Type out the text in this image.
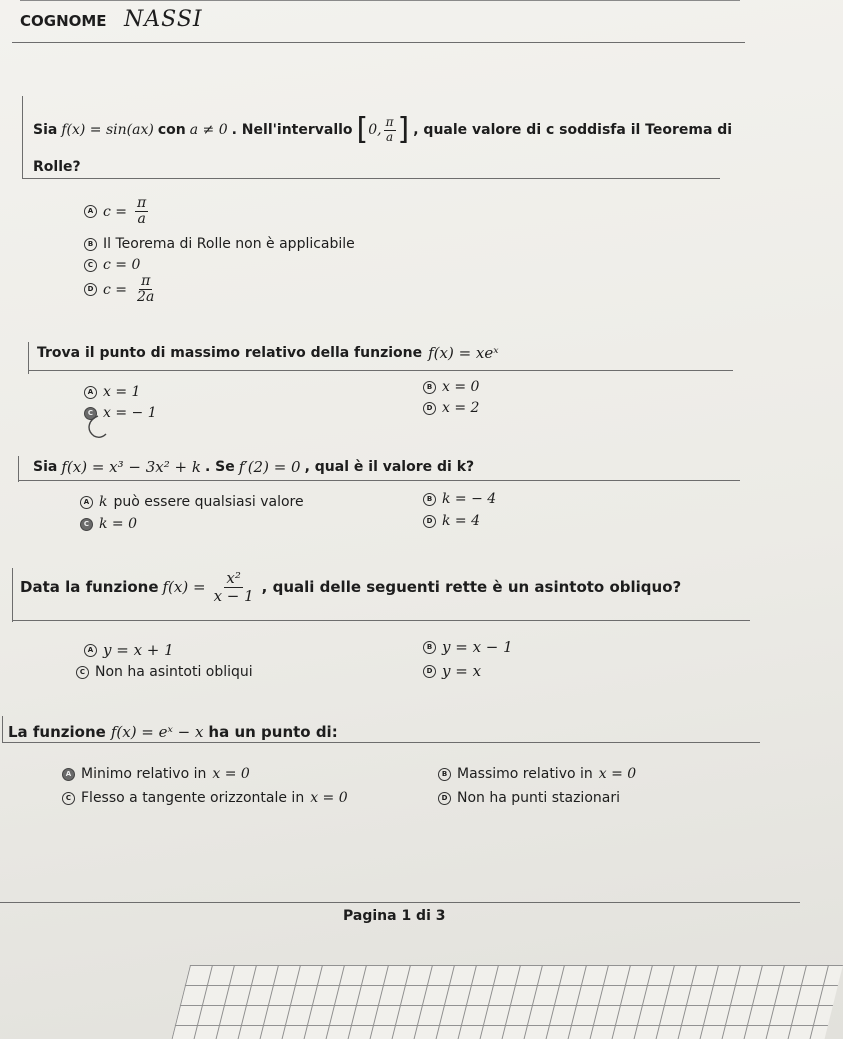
COGNOME NASSI
Sia f(x) = sin(ax) con a ≠ 0 . Nell'intervallo [ 0, $\frac{\pi}{a}$ ] , quale valore di c soddisfa il Teorema di
Rolle?
A $c = \frac{\pi}{a}$
B Il Teorema di Rolle non è applicabile
C c = 0
D $c = \frac{\pi}{2a}$
Trova il punto di massimo relativo della funzione f(x) = xeˣ
A x = 1	B x = 0
C x = − 1	D x = 2
Sia f(x) = x³ − 3x² + k . Se f′(2) = 0 , qual è il valore di k?
A k può essere qualsiasi valore	B k = − 4
C k = 0	D k = 4
Data la funzione $f(x) = \frac{\text{x²}}{x - 1}$ , quali delle seguenti rette è un asintoto obliquo?
A y = x + 1	B y = x − 1
C Non ha asintoti obliqui	D y = x
La funzione f(x) = eˣ − x ha un punto di:
A Minimo relativo in x = 0	B Massimo relativo in x = 0
C Flesso a tangente orizzontale in x = 0	D Non ha punti stazionari
Pagina 1 di 3
